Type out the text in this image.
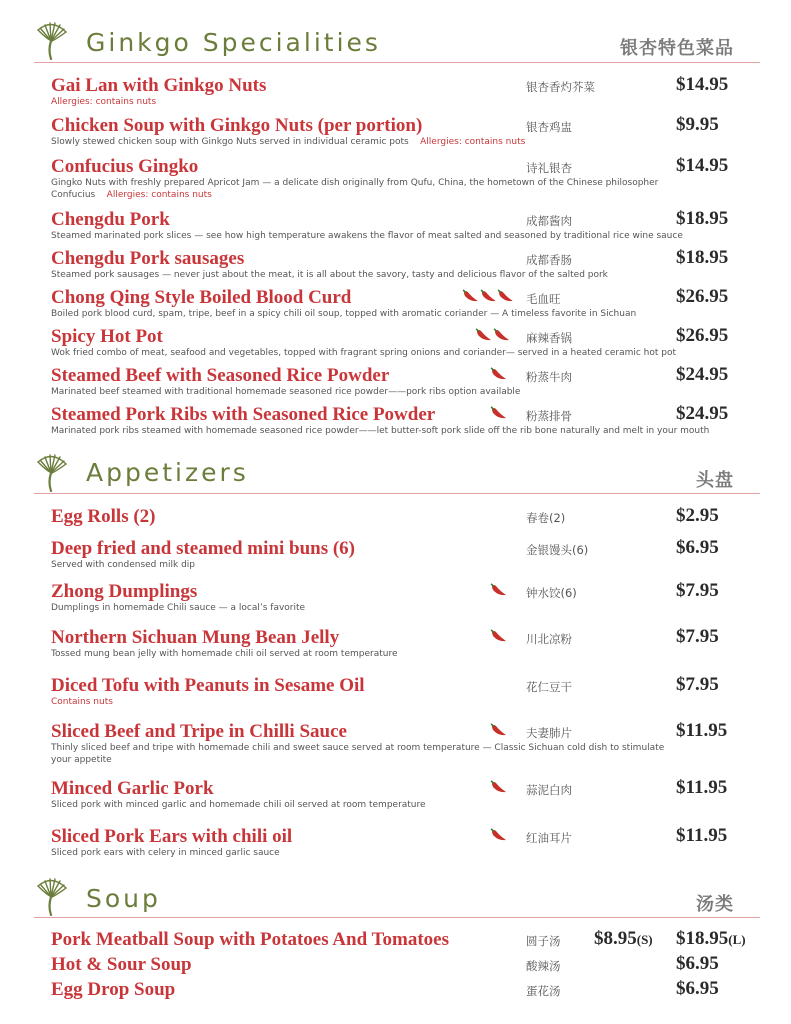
Ginkgo Specialities	银杏特色菜品
Gai Lan with Ginkgo Nuts	银杏香灼芥菜	$14.95
Allergies: contains nuts
Chicken Soup with Ginkgo Nuts (per portion)	银杏鸡盅	$9.95
Slowly stewed chicken soup with Ginkgo Nuts served in individual ceramic pots Allergies: contains nuts
Confucius Gingko	诗礼银杏	$14.95
Gingko Nuts with freshly prepared Apricot Jam — a delicate dish originally from Qufu, China, the hometown of the Chinese philosopher Confucius Allergies: contains nuts
Chengdu Pork	成都酱肉	$18.95
Steamed marinated pork slices — see how high temperature awakens the flavor of meat salted and seasoned by traditional rice wine sauce
Chengdu Pork sausages	成都香肠	$18.95
Steamed pork sausages — never just about the meat, it is all about the savory, tasty and delicious flavor of the salted pork
Chong Qing Style Boiled Blood Curd	毛血旺	$26.95
Boiled pork blood curd, spam, tripe, beef in a spicy chili oil soup, topped with aromatic coriander — A timeless favorite in Sichuan
Spicy Hot Pot	麻辣香锅	$26.95
Wok fried combo of meat, seafood and vegetables, topped with fragrant spring onions and coriander— served in a heated ceramic hot pot
Steamed Beef with Seasoned Rice Powder	粉蒸牛肉	$24.95
Marinated beef steamed with traditional homemade seasoned rice powder——pork ribs option available
Steamed Pork Ribs with Seasoned Rice Powder	粉蒸排骨	$24.95
Marinated pork ribs steamed with homemade seasoned rice powder——let butter-soft pork slide off the rib bone naturally and melt in your mouth
Appetizers	头盘
Egg Rolls (2)	春卷(2)	$2.95
Deep fried and steamed mini buns (6)	金银馒头(6)	$6.95
Served with condensed milk dip
Zhong Dumplings	钟水饺(6)	$7.95
Dumplings in homemade Chili sauce — a local’s favorite
Northern Sichuan Mung Bean Jelly	川北凉粉	$7.95
Tossed mung bean jelly with homemade chili oil served at room temperature
Diced Tofu with Peanuts in Sesame Oil	花仁豆干	$7.95
Contains nuts
Sliced Beef and Tripe in Chilli Sauce	夫妻肺片	$11.95
Thinly sliced beef and tripe with homemade chili and sweet sauce served at room temperature — Classic Sichuan cold dish to stimulate your appetite
Minced Garlic Pork	蒜泥白肉	$11.95
Sliced pork with minced garlic and homemade chili oil served at room temperature
Sliced Pork Ears with chili oil	红油耳片	$11.95
Sliced pork ears with celery in minced garlic sauce
Soup	汤类
Pork Meatball Soup with Potatoes And Tomatoes	圆子汤 $8.95(S) $18.95(L)
Hot & Sour Soup	酸辣汤	$6.95
Egg Drop Soup	蛋花汤	$6.95
